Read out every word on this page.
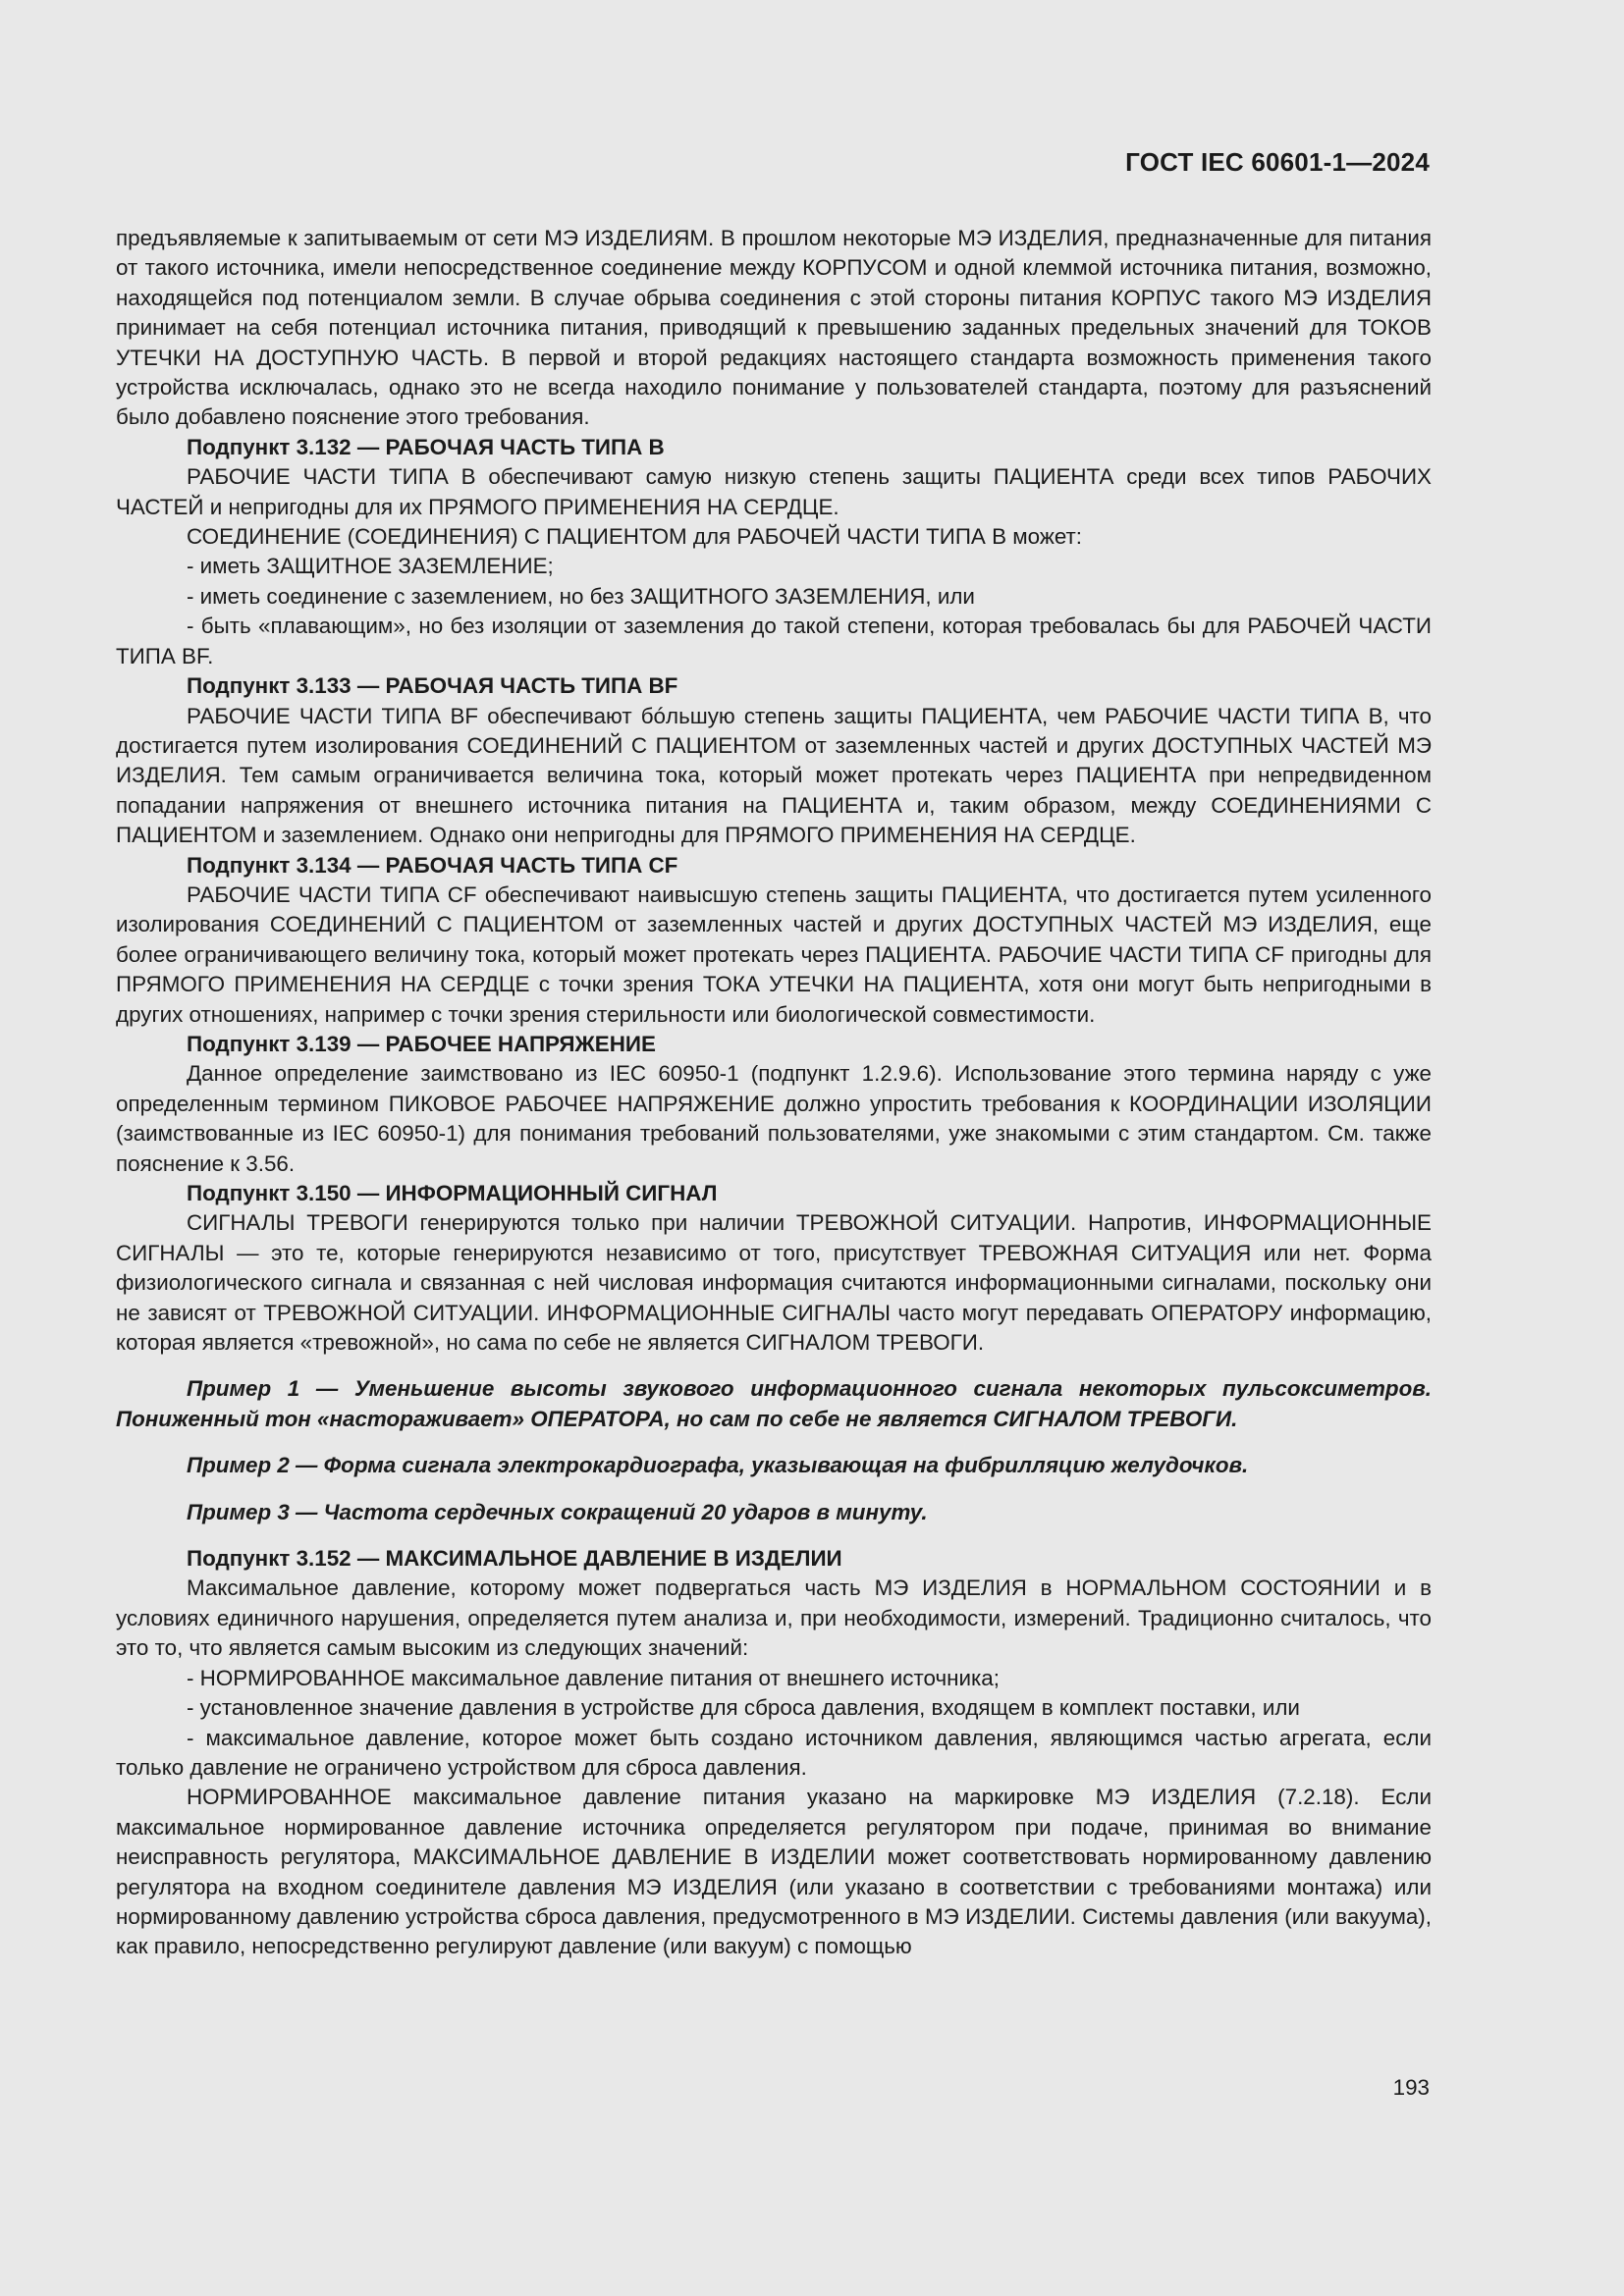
ГОСТ IEC 60601-1—2024

предъявляемые к запитываемым от сети МЭ ИЗДЕЛИЯМ. В прошлом некоторые МЭ ИЗДЕЛИЯ, предназначенные для питания от такого источника, имели непосредственное соединение между КОРПУСОМ и одной клеммой источника питания, возможно, находящейся под потенциалом земли. В случае обрыва соединения с этой стороны питания КОРПУС такого МЭ ИЗДЕЛИЯ принимает на себя потенциал источника питания, приводящий к превышению заданных предельных значений для ТОКОВ УТЕЧКИ НА ДОСТУПНУЮ ЧАСТЬ. В первой и второй редакциях настоящего стандарта возможность применения такого устройства исключалась, однако это не всегда находило понимание у пользователей стандарта, поэтому для разъяснений было добавлено пояснение этого требования.

Подпункт 3.132 — РАБОЧАЯ ЧАСТЬ ТИПА В

РАБОЧИЕ ЧАСТИ ТИПА В обеспечивают самую низкую степень защиты ПАЦИЕНТА среди всех типов РАБОЧИХ ЧАСТЕЙ и непригодны для их ПРЯМОГО ПРИМЕНЕНИЯ НА СЕРДЦЕ.

СОЕДИНЕНИЕ (СОЕДИНЕНИЯ) С ПАЦИЕНТОМ для РАБОЧЕЙ ЧАСТИ ТИПА В может:

- иметь ЗАЩИТНОЕ ЗАЗЕМЛЕНИЕ;

- иметь соединение с заземлением, но без ЗАЩИТНОГО ЗАЗЕМЛЕНИЯ, или

- быть «плавающим», но без изоляции от заземления до такой степени, которая требовалась бы для РАБОЧЕЙ ЧАСТИ ТИПА BF.

Подпункт 3.133 — РАБОЧАЯ ЧАСТЬ ТИПА BF

РАБОЧИЕ ЧАСТИ ТИПА BF обеспечивают бóльшую степень защиты ПАЦИЕНТА, чем РАБОЧИЕ ЧАСТИ ТИПА В, что достигается путем изолирования СОЕДИНЕНИЙ С ПАЦИЕНТОМ от заземленных частей и других ДОСТУПНЫХ ЧАСТЕЙ МЭ ИЗДЕЛИЯ. Тем самым ограничивается величина тока, который может протекать через ПАЦИЕНТА при непредвиденном попадании напряжения от внешнего источника питания на ПАЦИЕНТА и, таким образом, между СОЕДИНЕНИЯМИ С ПАЦИЕНТОМ и заземлением. Однако они непригодны для ПРЯМОГО ПРИМЕНЕНИЯ НА СЕРДЦЕ.

Подпункт 3.134 — РАБОЧАЯ ЧАСТЬ ТИПА CF

РАБОЧИЕ ЧАСТИ ТИПА CF обеспечивают наивысшую степень защиты ПАЦИЕНТА, что достигается путем усиленного изолирования СОЕДИНЕНИЙ С ПАЦИЕНТОМ от заземленных частей и других ДОСТУПНЫХ ЧАСТЕЙ МЭ ИЗДЕЛИЯ, еще более ограничивающего величину тока, который может протекать через ПАЦИЕНТА. РАБОЧИЕ ЧАСТИ ТИПА CF пригодны для ПРЯМОГО ПРИМЕНЕНИЯ НА СЕРДЦЕ с точки зрения ТОКА УТЕЧКИ НА ПАЦИЕНТА, хотя они могут быть непригодными в других отношениях, например с точки зрения стерильности или биологической совместимости.

Подпункт 3.139 — РАБОЧЕЕ НАПРЯЖЕНИЕ

Данное определение заимствовано из IEC 60950-1 (подпункт 1.2.9.6). Использование этого термина наряду с уже определенным термином ПИКОВОЕ РАБОЧЕЕ НАПРЯЖЕНИЕ должно упростить требования к КООРДИНАЦИИ ИЗОЛЯЦИИ (заимствованные из IEC 60950-1) для понимания требований пользователями, уже знакомыми с этим стандартом. См. также пояснение к 3.56.

Подпункт 3.150 — ИНФОРМАЦИОННЫЙ СИГНАЛ

СИГНАЛЫ ТРЕВОГИ генерируются только при наличии ТРЕВОЖНОЙ СИТУАЦИИ. Напротив, ИНФОРМАЦИОННЫЕ СИГНАЛЫ — это те, которые генерируются независимо от того, присутствует ТРЕВОЖНАЯ СИТУАЦИЯ или нет. Форма физиологического сигнала и связанная с ней числовая информация считаются информационными сигналами, поскольку они не зависят от ТРЕВОЖНОЙ СИТУАЦИИ. ИНФОРМАЦИОННЫЕ СИГНАЛЫ часто могут передавать ОПЕРАТОРУ информацию, которая является «тревожной», но сама по себе не является СИГНАЛОМ ТРЕВОГИ.

Пример 1 — Уменьшение высоты звукового информационного сигнала некоторых пульсоксиметров. Пониженный тон «настораживает» ОПЕРАТОРА, но сам по себе не является СИГНАЛОМ ТРЕВОГИ.

Пример 2 — Форма сигнала электрокардиографа, указывающая на фибрилляцию желудочков.

Пример 3 — Частота сердечных сокращений 20 ударов в минуту.

Подпункт 3.152 — МАКСИМАЛЬНОЕ ДАВЛЕНИЕ В ИЗДЕЛИИ

Максимальное давление, которому может подвергаться часть МЭ ИЗДЕЛИЯ в НОРМАЛЬНОМ СОСТОЯНИИ и в условиях единичного нарушения, определяется путем анализа и, при необходимости, измерений. Традиционно считалось, что это то, что является самым высоким из следующих значений:

- НОРМИРОВАННОЕ максимальное давление питания от внешнего источника;

- установленное значение давления в устройстве для сброса давления, входящем в комплект поставки, или

- максимальное давление, которое может быть создано источником давления, являющимся частью агрегата, если только давление не ограничено устройством для сброса давления.

НОРМИРОВАННОЕ максимальное давление питания указано на маркировке МЭ ИЗДЕЛИЯ (7.2.18). Если максимальное нормированное давление источника определяется регулятором при подаче, принимая во внимание неисправность регулятора, МАКСИМАЛЬНОЕ ДАВЛЕНИЕ В ИЗДЕЛИИ может соответствовать нормированному давлению регулятора на входном соединителе давления МЭ ИЗДЕЛИЯ (или указано в соответствии с требованиями монтажа) или нормированному давлению устройства сброса давления, предусмотренного в МЭ ИЗДЕЛИИ. Системы давления (или вакуума), как правило, непосредственно регулируют давление (или вакуум) с помощью

193
